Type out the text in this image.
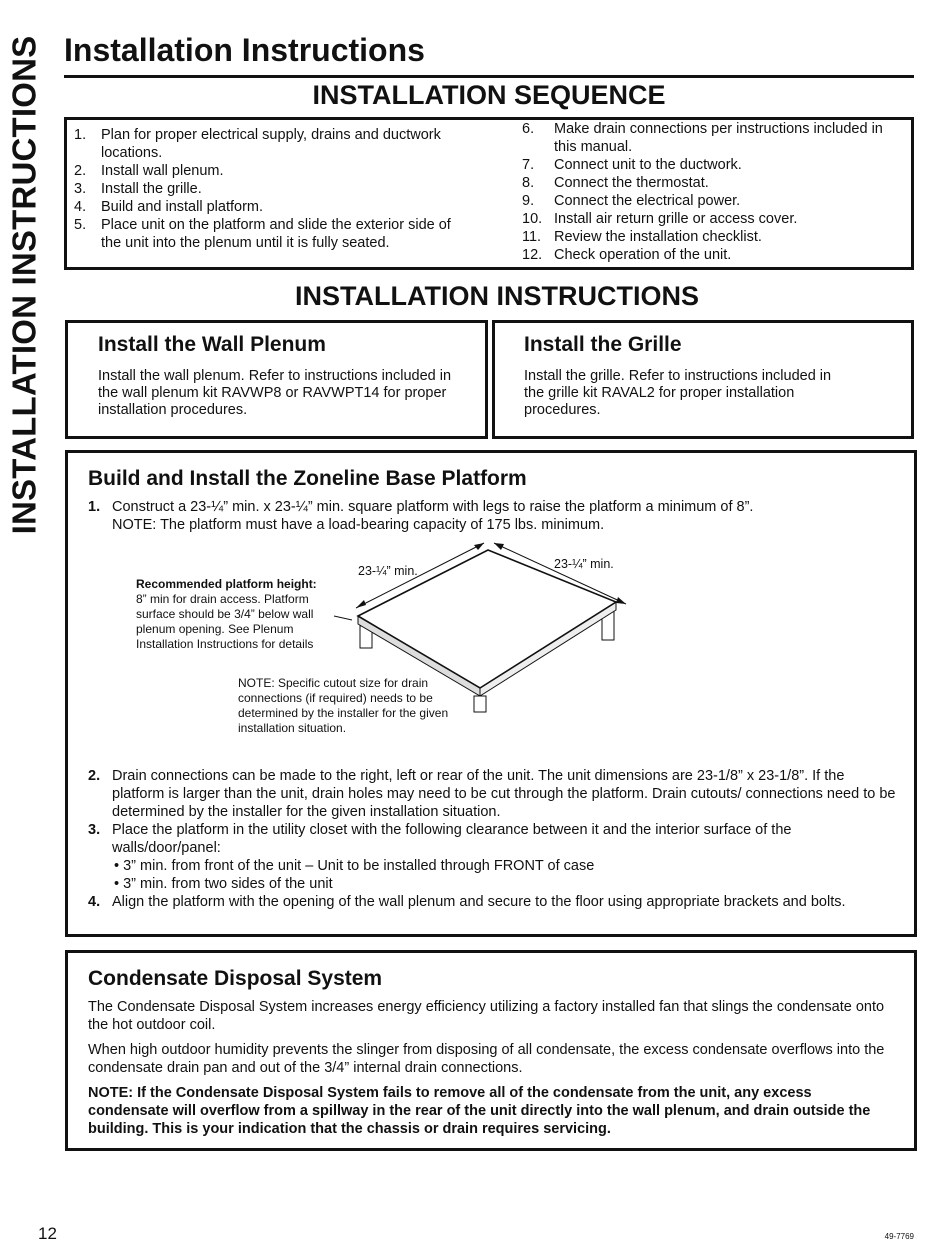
INSTALLATION INSTRUCTIONS Installation Instructions
INSTALLATION SEQUENCE
1.	Plan for proper electrical supply, drains and ductwork locations.
2.	Install wall plenum.
3.	Install the grille.
4.	Build and install platform.
5.	Place unit on the platform and slide the exterior side of the unit into the plenum until it is fully seated.
6.	Make drain connections per instructions included in this manual.
7.	Connect unit to the ductwork.
8.	Connect the thermostat.
9.	Connect the electrical power.
10. Install air return grille or access cover.
11. Review the installation checklist.
12. Check operation of the unit.
INSTALLATION INSTRUCTIONS
Install the Wall Plenum
Install the wall plenum. Refer to instructions included in the wall plenum kit RAVWP8 or RAVWPT14 for proper installation procedures.
Install the Grille
Install the grille. Refer to instructions included in the grille kit RAVAL2 for proper installation procedures.
Build and Install the Zoneline Base Platform
1. Construct a 23-¼” min. x 23-¼” min. square platform with legs to raise the platform a minimum of 8”.
NOTE: The platform must have a load-bearing capacity of 175 lbs. minimum.
23-¼” min.	23-¼” min.
Recommended platform height:
8” min for drain access. Platform surface should be 3/4” below wall plenum opening. See Plenum Installation Instructions for details
NOTE: Specific cutout size for drain connections (if required) needs to be determined by the installer for the given installation situation.
2. Drain connections can be made to the right, left or rear of the unit. The unit dimensions are 23-1/8” x 23-1/8”. If the platform is larger than the unit, drain holes may need to be cut through the platform. Drain cutouts/ connections need to be determined by the installer for the given installation situation.
3. Place the platform in the utility closet with the following clearance between it and the interior surface of the walls/door/panel:
• 3” min. from front of the unit – Unit to be installed through FRONT of case
• 3” min. from two sides of the unit
4. Align the platform with the opening of the wall plenum and secure to the floor using appropriate brackets and bolts.
Condensate Disposal System
The Condensate Disposal System increases energy efficiency utilizing a factory installed fan that slings the condensate onto the hot outdoor coil.
When high outdoor humidity prevents the slinger from disposing of all condensate, the excess condensate overflows into the condensate drain pan and out of the 3/4” internal drain connections.
NOTE: If the Condensate Disposal System fails to remove all of the condensate from the unit, any excess condensate will overflow from a spillway in the rear of the unit directly into the wall plenum, and drain outside the building. This is your indication that the chassis or drain requires servicing.
12	49-7769
